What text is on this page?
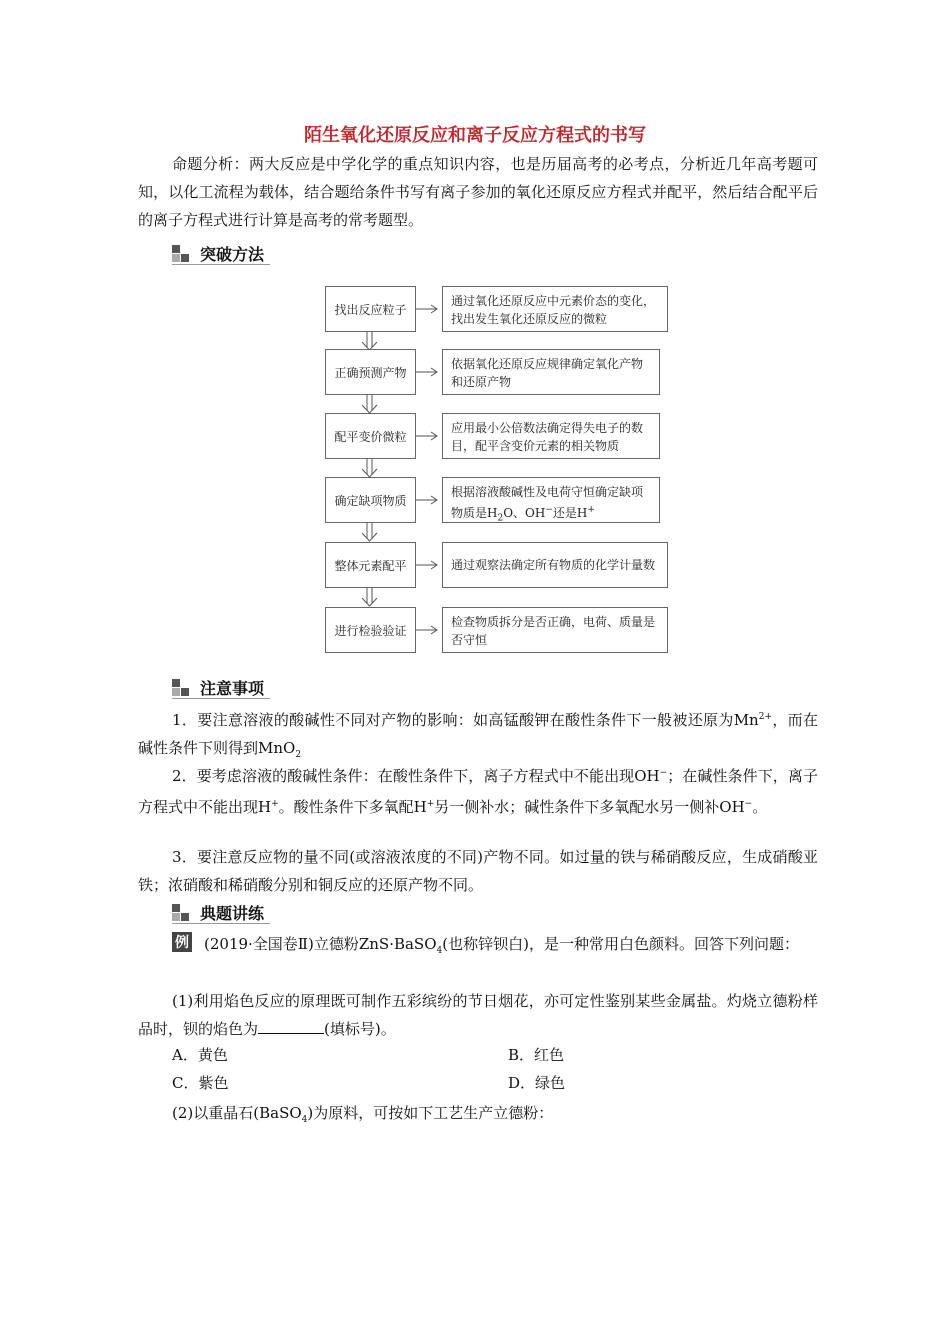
陌生氧化还原反应和离子反应方程式的书写
命题分析：两大反应是中学化学的重点知识内容，也是历届高考的必考点，分析近几年高考题可知，以化工流程为载体，结合题给条件书写有离子参加的氧化还原反应方程式并配平，然后结合配平后的离子方程式进行计算是高考的常考题型。
突破方法
找出反应粒子
通过氧化还原反应中元素价态的变化，找出发生氧化还原反应的微粒
正确预测产物
依据氧化还原反应规律确定氧化产物和还原产物
配平变价微粒
应用最小公倍数法确定得失电子的数目，配平含变价元素的相关物质
确定缺项物质
根据溶液酸碱性及电荷守恒确定缺项物质是$H_2O$、OH−还是H+
整体元素配平	通过观察法确定所有物质的化学计量数
进行检验验证
检查物质拆分是否正确，电荷、质量是否守恒
注意事项
1．要注意溶液的酸碱性不同对产物的影响：如高锰酸钾在酸性条件下一般被还原为$Mn^{2+}$，而在碱性条件下则得到MnO$_2$
2．要考虑溶液的酸碱性条件：在酸性条件下，离子方程式中不能出现OH−；在碱性条件下，离子方程式中不能出现H+。酸性条件下多氧配H+另一侧补水；碱性条件下多氧配水另一侧补OH−。
3．要注意反应物的量不同(或溶液浓度的不同)产物不同。如过量的铁与稀硝酸反应，生成硝酸亚铁；浓硝酸和稀硝酸分别和铜反应的还原产物不同。
典题讲练
例	(2019·全国卷Ⅱ)立德粉ZnS·BaSO$_4$(也称锌钡白)，是一种常用白色颜料。回答下列问题：
(1)利用焰色反应的原理既可制作五彩缤纷的节日烟花，亦可定性鉴别某些金属盐。灼烧立德粉样品时，钡的焰色为	(填标号)。
A．黄色	B．红色
C．紫色	D．绿色
(2)以重晶石(BaSO$_4$)为原料，可按如下工艺生产立德粉：
